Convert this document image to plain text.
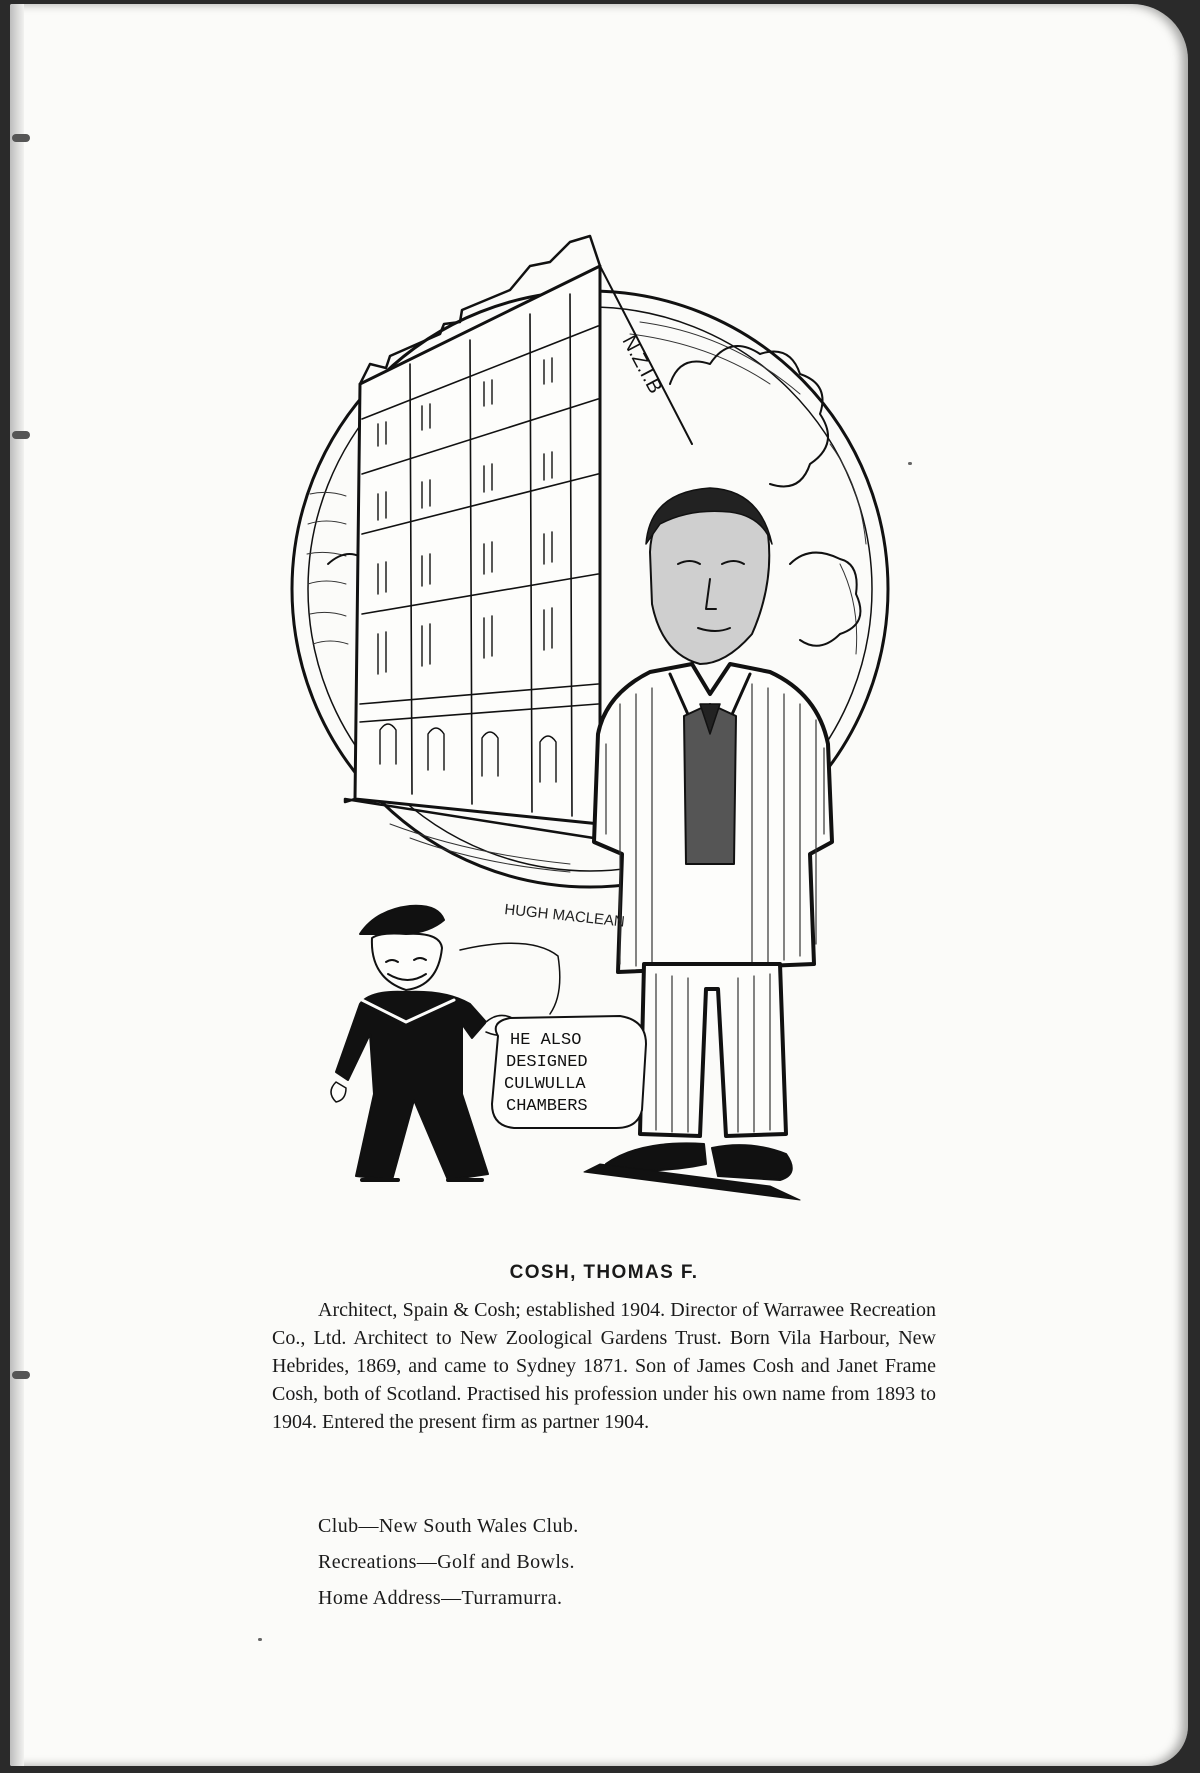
N.Z.I.B
HUGH MACLEAN
HE ALSO
DESIGNED
CULWULLA
CHAMBERS
COSH, THOMAS F.

Architect, Spain & Cosh; established 1904. Director of Warrawee Recreation Co., Ltd. Architect to New Zoological Gardens Trust. Born Vila Harbour, New Hebrides, 1869, and came to Sydney 1871. Son of James Cosh and Janet Frame Cosh, both of Scotland. Practised his profession under his own name from 1893 to 1904. Entered the present firm as partner 1904.

Club—New South Wales Club.
Recreations—Golf and Bowls.
Home Address—Turramurra.
